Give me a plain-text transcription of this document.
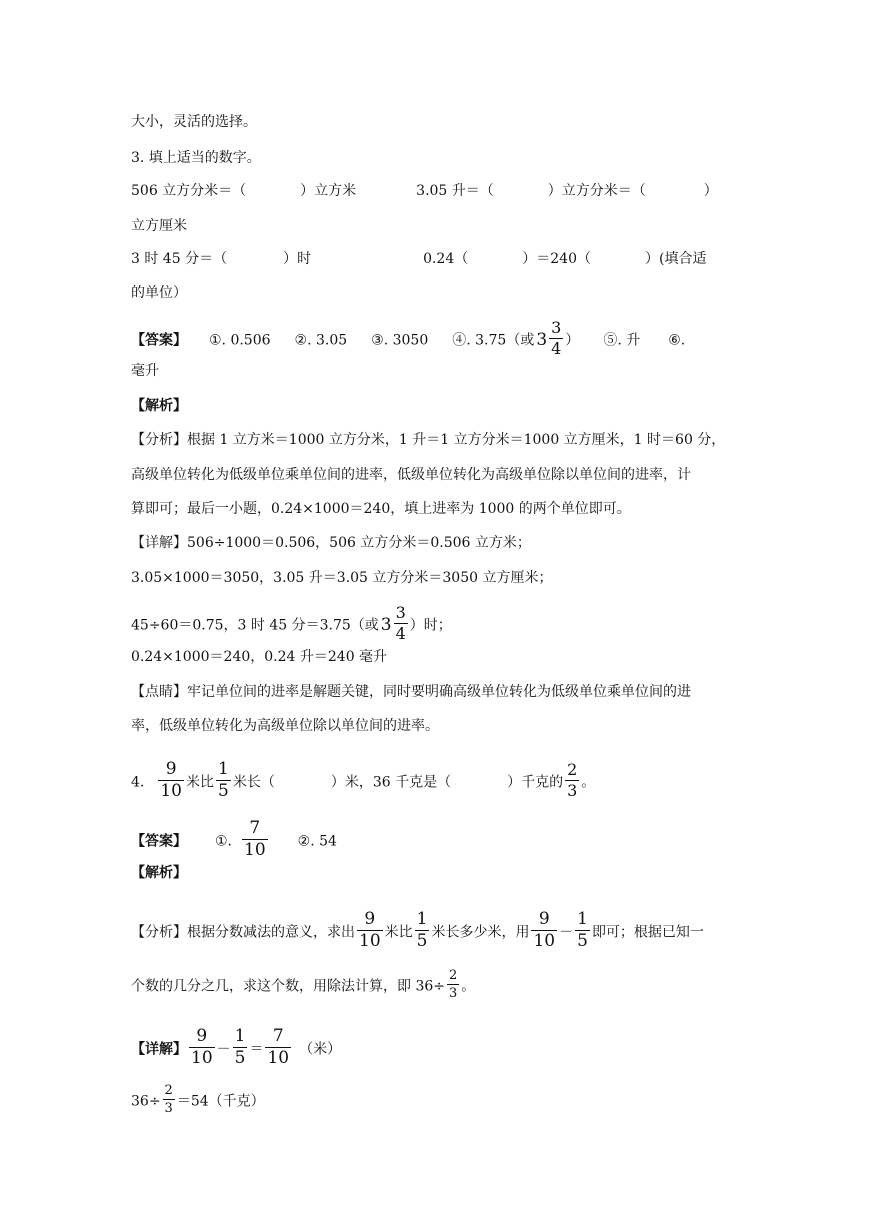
大小，灵活的选择。
3. 填上适当的数字。
506 立方分米＝（	）立方米	3.05 升＝（	）立方分米＝（	）
立方厘米
3 时 45 分＝（	）时	0.24（	）＝240（	）(填合适
的单位）
【答案】 ①. 0.506 ②. 3.05 ③. 3050 ④. 3.75（或 $3 \frac{3}{4}$ ） ⑤. 升 ⑥.
毫升
【解析】
【分析】根据 1 立方米＝1000 立方分米，1 升＝1 立方分米＝1000 立方厘米，1 时＝60 分，
高级单位转化为低级单位乘单位间的进率，低级单位转化为高级单位除以单位间的进率，计
算即可；最后一小题，0.24×1000＝240，填上进率为 1000 的两个单位即可。
【详解】506÷1000＝0.506，506 立方分米＝0.506 立方米；
3.05×1000＝3050，3.05 升＝3.05 立方分米＝3050 立方厘米；
45÷60＝0.75，3 时 45 分＝3.75（或 $3 \frac{3}{4}$ ）时；
0.24×1000＝240，0.24 升＝240 毫升
【点睛】牢记单位间的进率是解题关键，同时要明确高级单位转化为低级单位乘单位间的进
率，低级单位转化为高级单位除以单位间的进率。
4. $\frac{9}{10}$ 米比 $\frac{1}{5}$ 米长（	）米，36 千克是（	）千克的 $\frac{2}{3}$ 。
【答案】 ①. $\frac{7}{10}$ ②. 54
【解析】
【分析】根据分数减法的意义，求出 $\frac{9}{10}$ 米比 $\frac{1}{5}$ 米长多少米，用 $\frac{9}{10} - \frac{1}{5}$ 即可；根据已知一
个数的几分之几，求这个数，用除法计算，即 $36\div \frac{2}{3}$ 。
【详解】 $\frac{9}{10} - \frac{1}{5} = \frac{7}{10}$ （米）
$36\div \frac{2}{3} =54$（千克）
